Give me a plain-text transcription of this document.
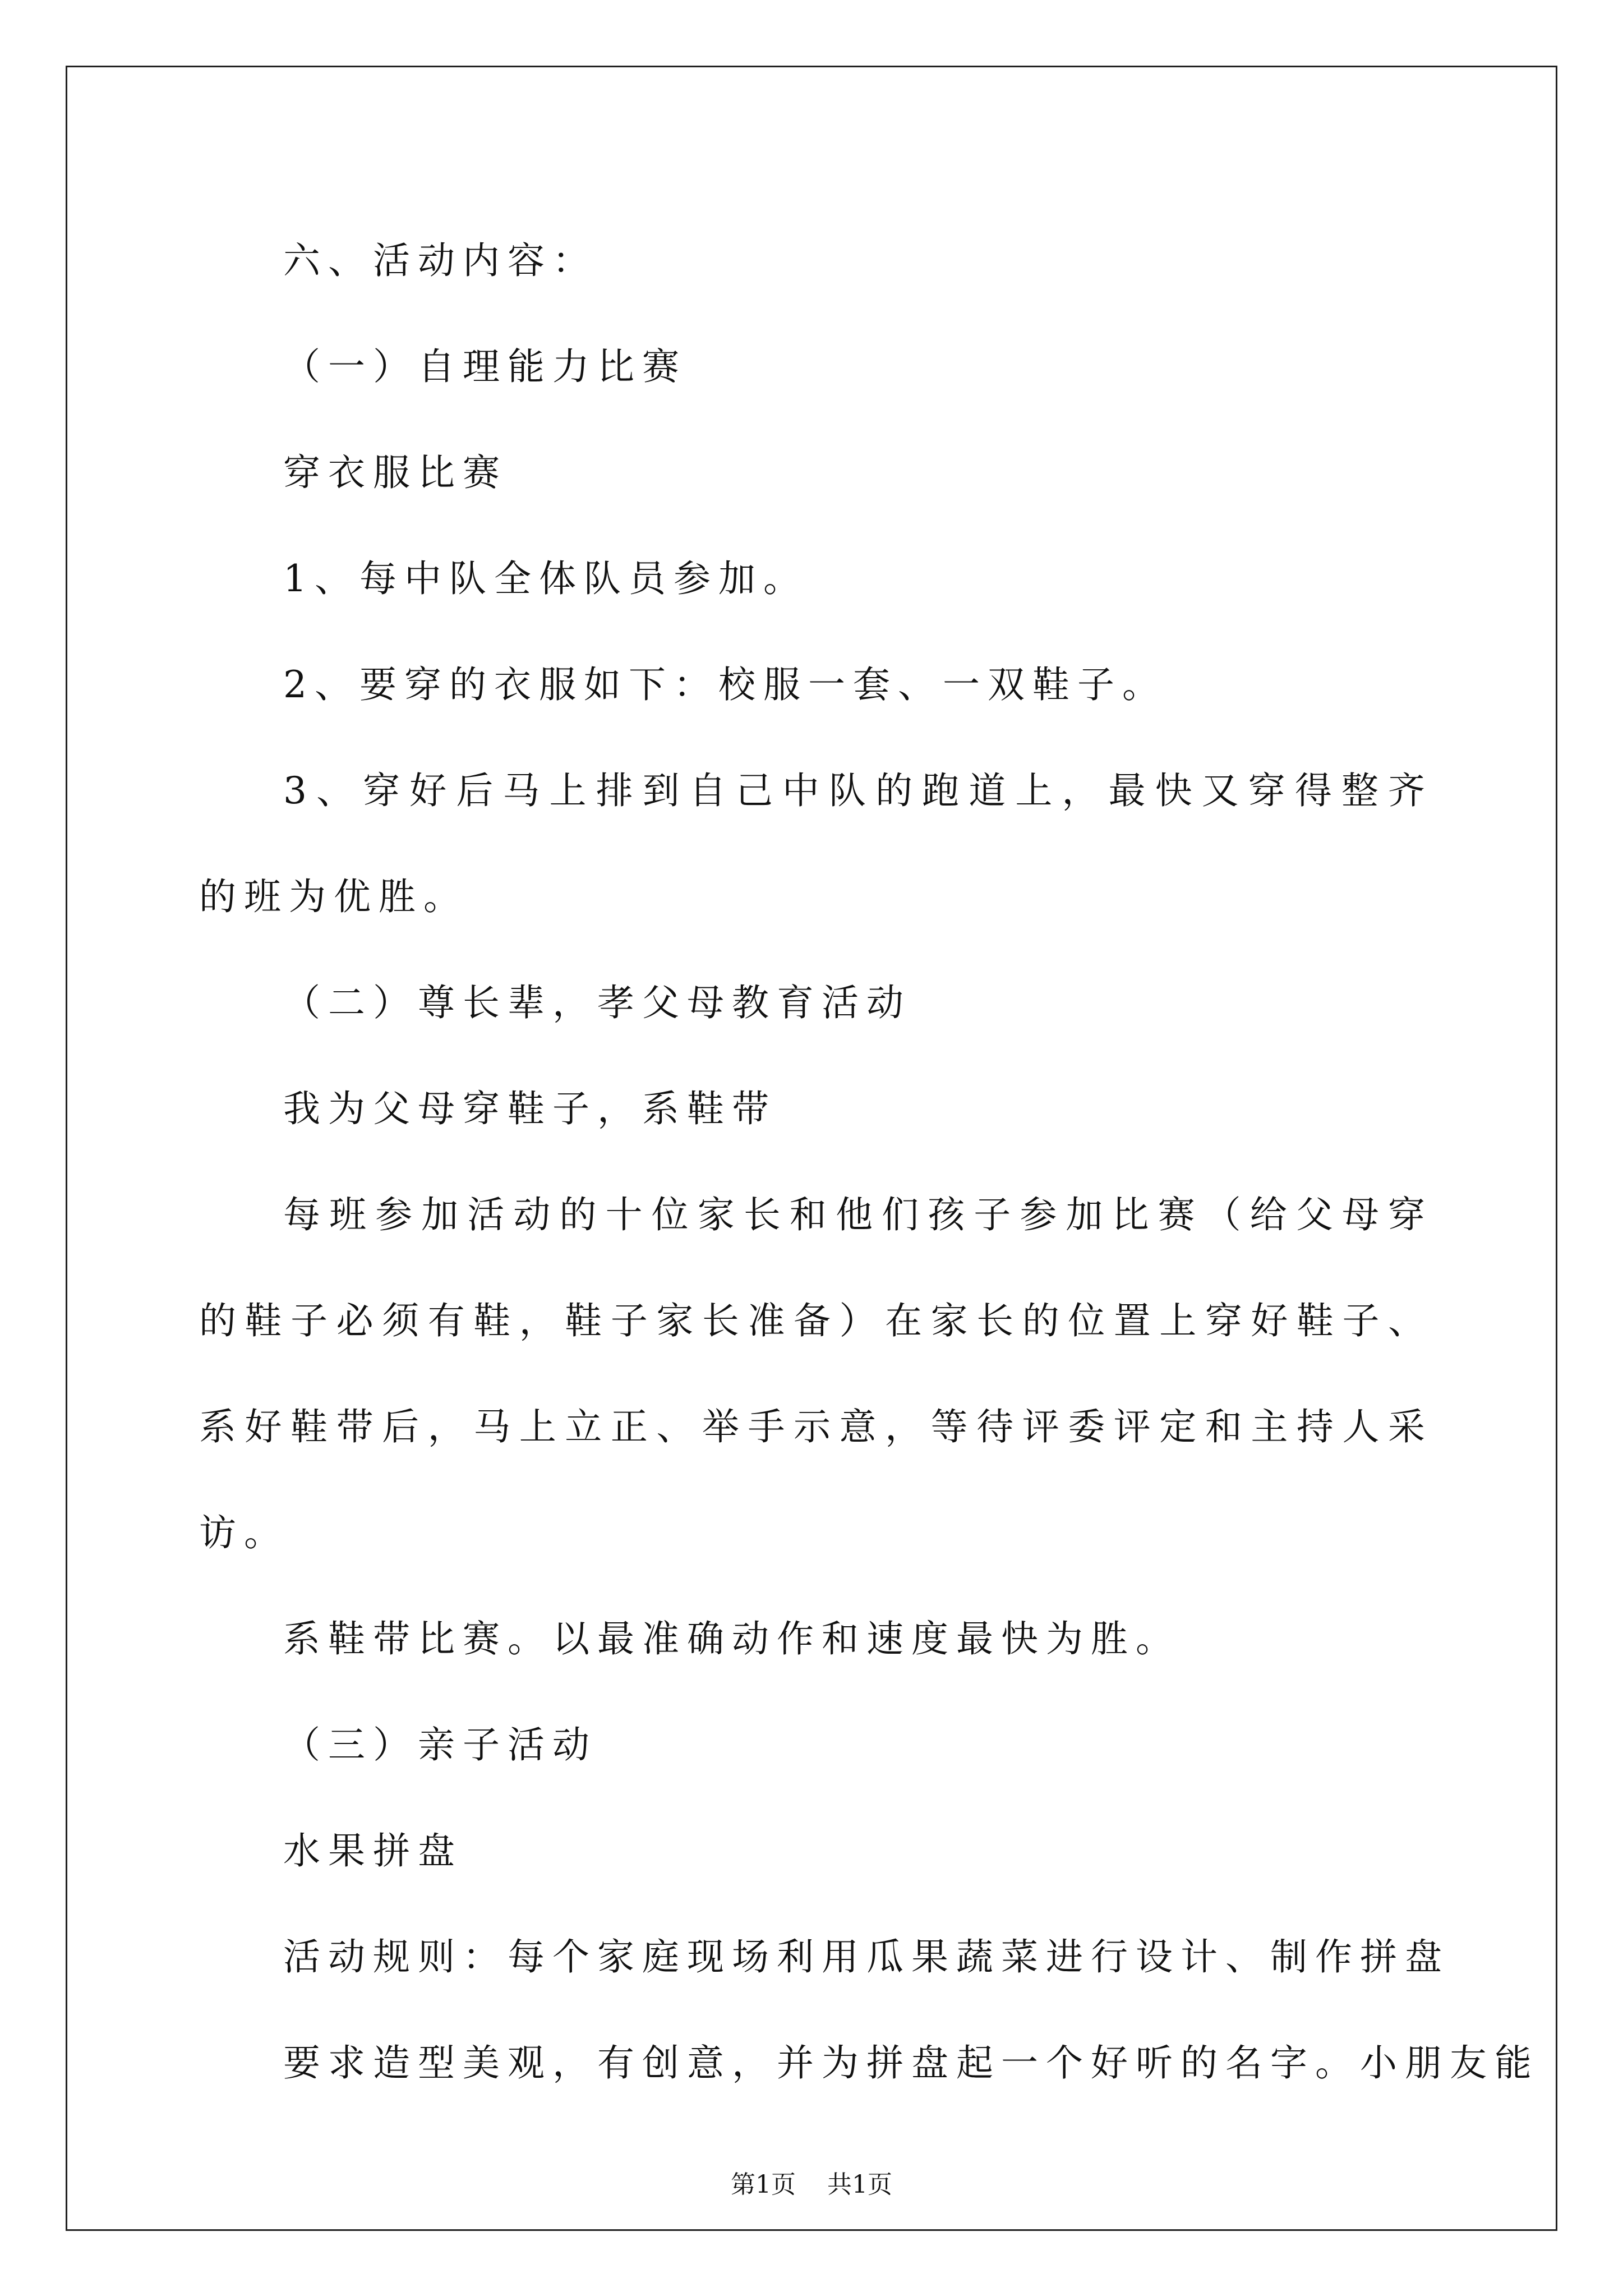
六、活动内容：

（一）自理能力比赛

穿衣服比赛

1、每中队全体队员参加。

2、要穿的衣服如下：校服一套、一双鞋子。

3、穿好后马上排到自己中队的跑道上，最快又穿得整齐的班为优胜。

（二）尊长辈，孝父母教育活动

我为父母穿鞋子，系鞋带

每班参加活动的十位家长和他们孩子参加比赛（给父母穿的鞋子必须有鞋，鞋子家长准备）在家长的位置上穿好鞋子、系好鞋带后，马上立正、举手示意，等待评委评定和主持人采访。

系鞋带比赛。以最准确动作和速度最快为胜。

（三）亲子活动

水果拼盘

活动规则：每个家庭现场利用瓜果蔬菜进行设计、制作拼盘

要求造型美观，有创意，并为拼盘起一个好听的名字。小朋友能

第1页    共1页
